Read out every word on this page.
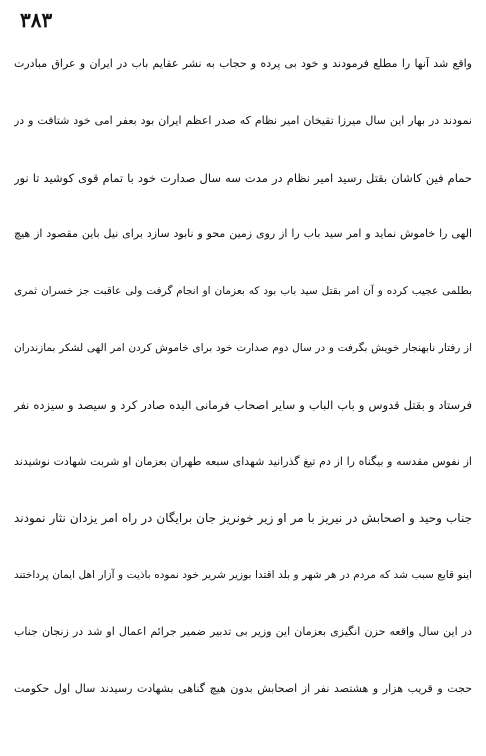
۳۸۳
واقع شد آنها را مطلع فرمودند و خود بی پرده و حجاب به نشر عقایم باب در ایران و عراق مبادرت
نمودند در بهار این سال میرزا تقیخان امیر نظام که صدر اعظم ایران بود بعفر امی خود شتافت و در
حمام فین کاشان بقتل رسید امیر نظام در مدت سه سال صدارت خود با تمام قوی کوشید تا نور
الهی را خاموش نماید و امر سید باب را از روی زمین محو و نابود سازد برای نیل باین مقصود از هیچ
بطلمی عجیب کرده و آن امر بقتل سید باب بود که بعزمان او انجام گرفت ولی عاقبت جز خسران ثمری
از رفتار نابهنجار خویش بگرفت و در سال دوم صدارت خود برای خاموش کردن امر الهی لشکر بمازندران
فرستاد و بقتل قدوس و باب الباب و سایر اصحاب فرمانی الیده صادر کرد و سیصد و سیزده نفر
از نفوس مقدسه و بیگناه را از دم تیغ گذرانید شهدای سبعه طهران بعزمان او شربت شهادت نوشیدند
جناب وحید و اصحابش در نیریز با مر او زیر خونریز جان برایگان در راه امر یزدان نثار نمودند
اینو قایع سبب شد که مردم در هر شهر و بلد اقتدا بوزیر شریر خود نموده باذیت و آزار اهل ایمان پرداختند
در این سال واقعه حزن انگیزی بعزمان این وزیر بی تدبیر ضمیر جرائم اعمال او شد در زنجان جناب
حجت و قریب هزار و هشتصد نفر از اصحابش بدون هیچ گناهی بشهادت رسیدند سال اول حکومت
